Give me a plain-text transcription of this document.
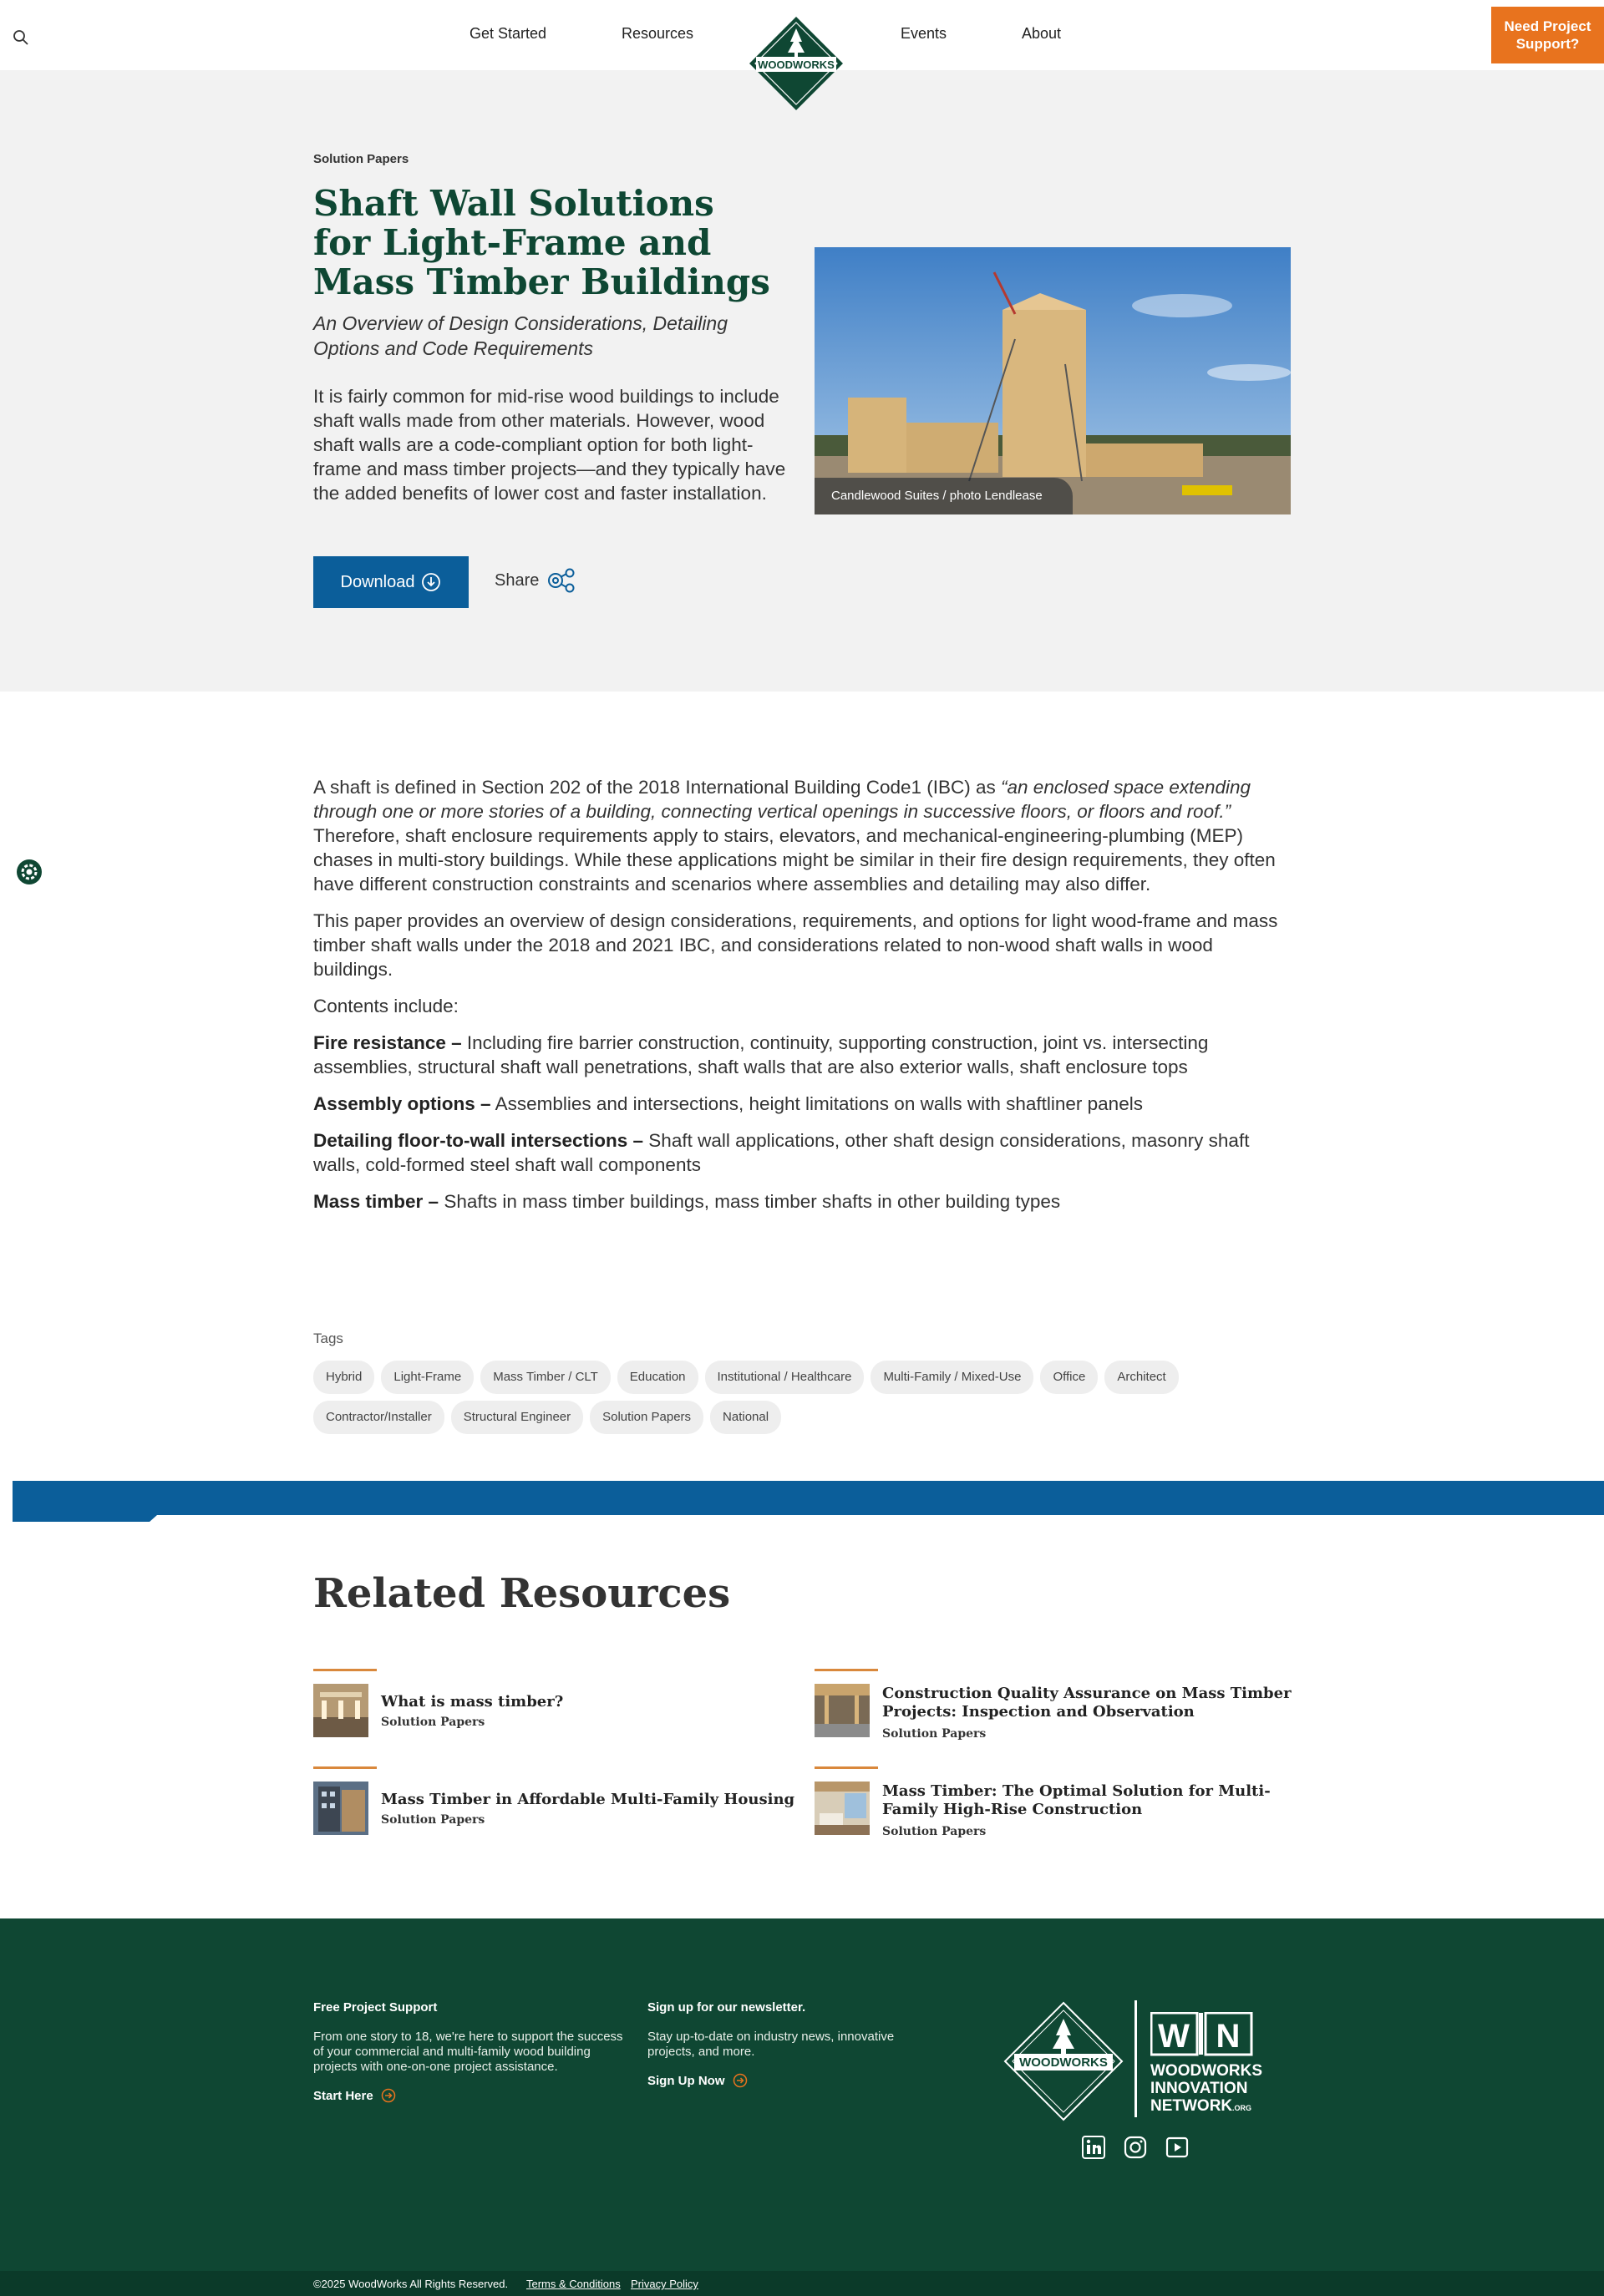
Get Started	Resources	Events	About
WOODWORKS
Need Project Support?
Solution Papers
Shaft Wall Solutions for Light-Frame and Mass Timber Buildings
An Overview of Design Considerations, Detailing Options and Code Requirements
It is fairly common for mid-rise wood buildings to include shaft walls made from other materials. However, wood shaft walls are a code-compliant option for both light-frame and mass timber projects—and they typically have the added benefits of lower cost and faster installation.
Download	Share
Candlewood Suites / photo Lendlease

A shaft is defined in Section 202 of the 2018 International Building Code1 (IBC) as “an enclosed space extending through one or more stories of a building, connecting vertical openings in successive floors, or floors and roof.” Therefore, shaft enclosure requirements apply to stairs, elevators, and mechanical-engineering-plumbing (MEP) chases in multi-story buildings. While these applications might be similar in their fire design requirements, they often have different construction constraints and scenarios where assemblies and detailing may also differ.

This paper provides an overview of design considerations, requirements, and options for light wood-frame and mass timber shaft walls under the 2018 and 2021 IBC, and considerations related to non-wood shaft walls in wood buildings.

Contents include:

Fire resistance – Including fire barrier construction, continuity, supporting construction, joint vs. intersecting assemblies, structural shaft wall penetrations, shaft walls that are also exterior walls, shaft enclosure tops

Assembly options – Assemblies and intersections, height limitations on walls with shaftliner panels

Detailing floor-to-wall intersections – Shaft wall applications, other shaft design considerations, masonry shaft walls, cold-formed steel shaft wall components

Mass timber – Shafts in mass timber buildings, mass timber shafts in other building types

Tags
Hybrid	Light-Frame	Mass Timber / CLT	Education	Institutional / Healthcare	Multi-Family / Mixed-Use	Office	Architect
Contractor/Installer	Structural Engineer	Solution Papers	National
Related Resources
What is mass timber?
Solution Papers
Construction Quality Assurance on Mass Timber Projects: Inspection and Observation
Solution Papers
Mass Timber in Affordable Multi-Family Housing
Solution Papers
Mass Timber: The Optimal Solution for Multi-Family High-Rise Construction
Solution Papers
Free Project Support
From one story to 18, we're here to support the success of your commercial and multi-family wood building projects with one-on-one project assistance.
Start Here
Sign up for our newsletter.
Stay up-to-date on industry news, innovative projects, and more.
Sign Up Now
WOODWORKS
W N
WOODWORKS
INNOVATION
NETWORK .ORG
©2025 WoodWorks All Rights Reserved. Terms & Conditions Privacy Policy
